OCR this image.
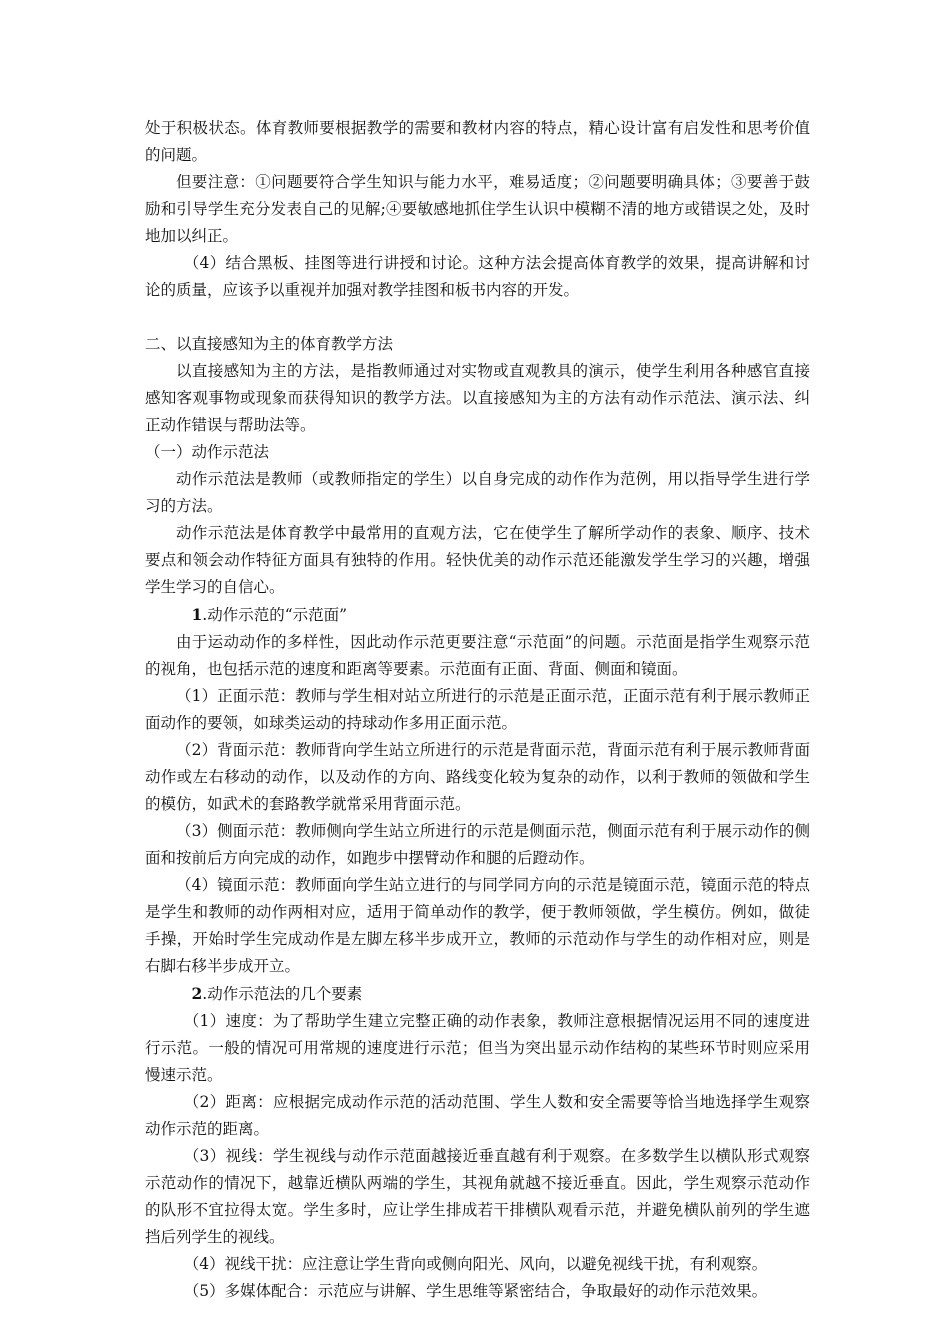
处于积极状态。体育教师要根据教学的需要和教材内容的特点，精心设计富有启发性和思考价值的问题。

但要注意：①问题要符合学生知识与能力水平，难易适度；②问题要明确具体；③要善于鼓励和引导学生充分发表自己的见解;④要敏感地抓住学生认识中模糊不清的地方或错误之处，及时地加以纠正。

（4）结合黑板、挂图等进行讲授和讨论。这种方法会提高体育教学的效果，提高讲解和讨论的质量，应该予以重视并加强对教学挂图和板书内容的开发。

二、以直接感知为主的体育教学方法

以直接感知为主的方法，是指教师通过对实物或直观教具的演示，使学生利用各种感官直接感知客观事物或现象而获得知识的教学方法。以直接感知为主的方法有动作示范法、演示法、纠正动作错误与帮助法等。

（一）动作示范法

动作示范法是教师（或教师指定的学生）以自身完成的动作作为范例，用以指导学生进行学习的方法。

动作示范法是体育教学中最常用的直观方法，它在使学生了解所学动作的表象、顺序、技术要点和领会动作特征方面具有独特的作用。轻快优美的动作示范还能激发学生学习的兴趣，增强学生学习的自信心。

1.动作示范的“示范面”

由于运动动作的多样性，因此动作示范更要注意“示范面”的问题。示范面是指学生观察示范的视角，也包括示范的速度和距离等要素。示范面有正面、背面、侧面和镜面。

（1）正面示范：教师与学生相对站立所进行的示范是正面示范，正面示范有利于展示教师正面动作的要领，如球类运动的持球动作多用正面示范。

（2）背面示范：教师背向学生站立所进行的示范是背面示范，背面示范有利于展示教师背面动作或左右移动的动作，以及动作的方向、路线变化较为复杂的动作，以利于教师的领做和学生的模仿，如武术的套路教学就常采用背面示范。

（3）侧面示范：教师侧向学生站立所进行的示范是侧面示范，侧面示范有利于展示动作的侧面和按前后方向完成的动作，如跑步中摆臂动作和腿的后蹬动作。

（4）镜面示范：教师面向学生站立进行的与同学同方向的示范是镜面示范，镜面示范的特点是学生和教师的动作两相对应，适用于简单动作的教学，便于教师领做，学生模仿。例如，做徒手操，开始时学生完成动作是左脚左移半步成开立，教师的示范动作与学生的动作相对应，则是右脚右移半步成开立。

2.动作示范法的几个要素

（1）速度：为了帮助学生建立完整正确的动作表象，教师注意根据情况运用不同的速度进行示范。一般的情况可用常规的速度进行示范；但当为突出显示动作结构的某些环节时则应采用慢速示范。

（2）距离：应根据完成动作示范的活动范围、学生人数和安全需要等恰当地选择学生观察动作示范的距离。

（3）视线：学生视线与动作示范面越接近垂直越有利于观察。在多数学生以横队形式观察示范动作的情况下，越靠近横队两端的学生，其视角就越不接近垂直。因此，学生观察示范动作的队形不宜拉得太宽。学生多时，应让学生排成若干排横队观看示范，并避免横队前列的学生遮挡后列学生的视线。

（4）视线干扰：应注意让学生背向或侧向阳光、风向，以避免视线干扰，有利观察。

（5）多媒体配合：示范应与讲解、学生思维等紧密结合，争取最好的动作示范效果。
